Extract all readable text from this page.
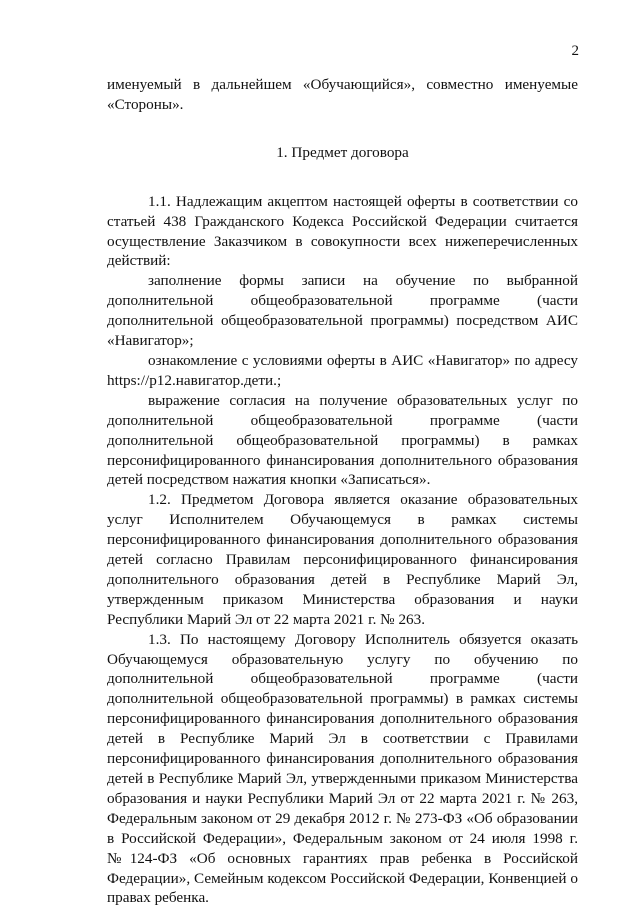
2

именуемый в дальнейшем «Обучающийся», совместно именуемые «Стороны».

1. Предмет договора

1.1. Надлежащим акцептом настоящей оферты в соответствии со статьей 438 Гражданского Кодекса Российской Федерации считается осуществление Заказчиком в совокупности всех нижеперечисленных действий:

заполнение формы записи на обучение по выбранной дополнительной общеобразовательной программе (части дополнительной общеобразовательной программы) посредством АИС «Навигатор»;

ознакомление с условиями оферты в АИС «Навигатор» по адресу https://р12.навигатор.дети.;

выражение согласия на получение образовательных услуг по дополнительной общеобразовательной программе (части дополнительной общеобразовательной программы) в рамках персонифицированного финансирования дополнительного образования детей посредством нажатия кнопки «Записаться».

1.2. Предметом Договора является оказание образовательных услуг Исполнителем Обучающемуся в рамках системы персонифицированного финансирования дополнительного образования детей согласно Правилам персонифицированного финансирования дополнительного образования детей в Республике Марий Эл, утвержденным приказом Министерства образования и науки Республики Марий Эл от 22 марта 2021 г. № 263.

1.3. По настоящему Договору Исполнитель обязуется оказать Обучающемуся образовательную услугу по обучению по дополнительной общеобразовательной программе (части дополнительной общеобразовательной программы) в рамках системы персонифицированного финансирования дополнительного образования детей в Республике Марий Эл в соответствии с Правилами персонифицированного финансирования дополнительного образования детей в Республике Марий Эл, утвержденными приказом Министерства образования и науки Республики Марий Эл от 22 марта 2021 г. № 263, Федеральным законом от 29 декабря 2012 г. № 273-ФЗ «Об образовании в Российской Федерации», Федеральным законом от 24 июля 1998 г. №124-ФЗ «Об основных гарантиях прав ребенка в Российской Федерации», Семейным кодексом Российской Федерации, Конвенцией о правах ребенка.
